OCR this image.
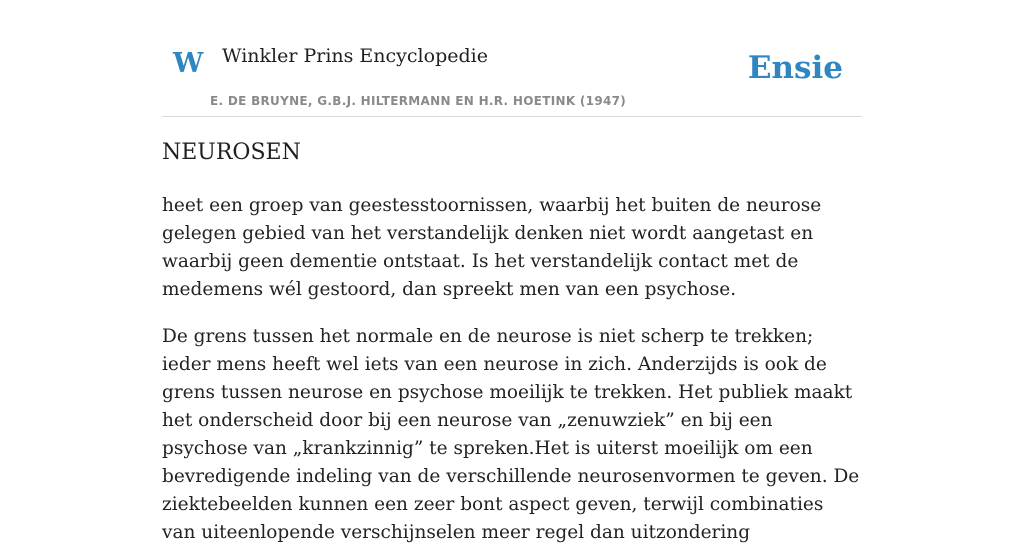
W Winkler Prins Encyclopedie	Ensie
E. DE BRUYNE, G.B.J. HILTERMANN EN H.R. HOETINK (1947)
NEUROSEN

heet een groep van geestesstoornissen, waarbij het buiten de neurose gelegen gebied van het verstandelijk denken niet wordt aangetast en waarbij geen dementie ontstaat. Is het verstandelijk contact met de medemens wél gestoord, dan spreekt men van een psychose.

De grens tussen het normale en de neurose is niet scherp te trekken; ieder mens heeft wel iets van een neurose in zich. Anderzijds is ook de grens tussen neurose en psychose moeilijk te trekken. Het publiek maakt het onderscheid door bij een neurose van „zenuwziek” en bij een psychose van „krankzinnig” te spreken.Het is uiterst moeilijk om een bevredigende indeling van de verschillende neurosenvormen te geven. De ziektebeelden kunnen een zeer bont aspect geven, terwijl combinaties van uiteenlopende verschijnselen meer regel dan uitzondering
